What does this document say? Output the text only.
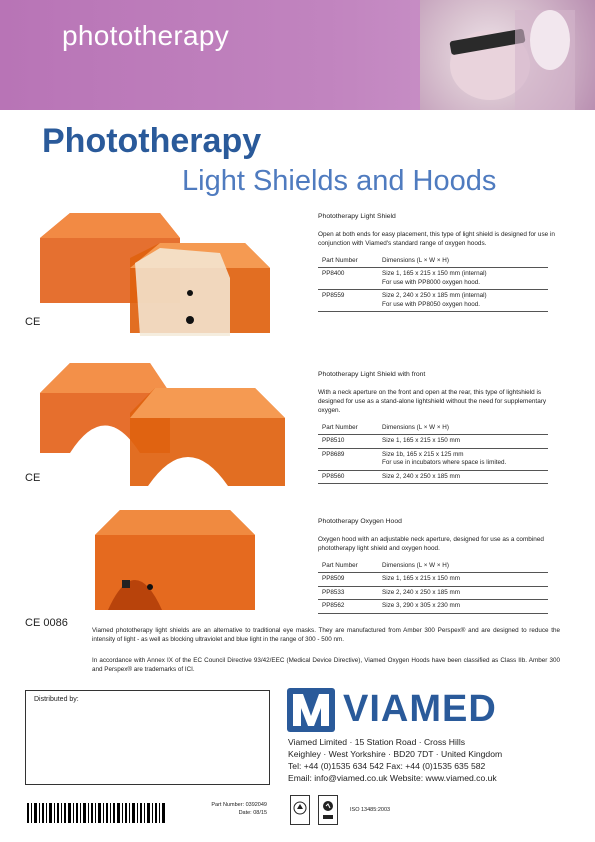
phototherapy
Phototherapy
Light Shields and Hoods
CE
CE
CE 0086
Phototherapy Light Shield
Open at both ends for easy placement, this type of light shield is designed for use in conjunction with Viamed's standard range of oxygen hoods.
Part Number	Dimensions (L × W × H)
PP8400	Size 1, 165 x 215 x 150 mm (internal)
For use with PP8000 oxygen hood.

PP8559	Size 2, 240 x 250 x 185 mm (internal)
For use with PP8050 oxygen hood.
Phototherapy Light Shield with front
With a neck aperture on the front and open at the rear, this type of lightshield is designed for use as a stand-alone lightshield without the need for supplementary oxygen.
Part Number	Dimensions (L × W × H)
PP8510	Size 1, 165 x 215 x 150 mm

PP8689	Size 1b, 165 x 215 x 125 mm
For use in incubators where space is limited.

PP8560	Size 2, 240 x 250 x 185 mm
Phototherapy Oxygen Hood
Oxygen hood with an adjustable neck aperture, designed for use as a combined phototherapy light shield and oxygen hood.
Part Number	Dimensions (L × W × H)
PP8509	Size 1, 165 x 215 x 150 mm

PP8533	Size 2, 240 x 250 x 185 mm

PP8562	Size 3, 290 x 305 x 230 mm
Viamed phototherapy light shields are an alternative to traditional eye masks. They are manufactured from Amber 300 Perspex® and are designed to reduce the intensity of light - as well as blocking ultraviolet and blue light in the range of 300 - 500 nm.
In accordance with Annex IX of the EC Council Directive 93/42/EEC (Medical Device Directive), Viamed Oxygen Hoods have been classified as Class IIb. Amber 300 and Perspex® are trademarks of ICI.
Distributed by:	VIAMED
Viamed Limited · 15 Station Road · Cross Hills
Keighley · West Yorkshire · BD20 7DT · United Kingdom
Tel: +44 (0)1535 634 542 Fax: +44 (0)1535 635 582
Email: info@viamed.co.uk Website: www.viamed.co.uk
Part Number: 0392049
Date: 08/15	ISO 13485:2003
